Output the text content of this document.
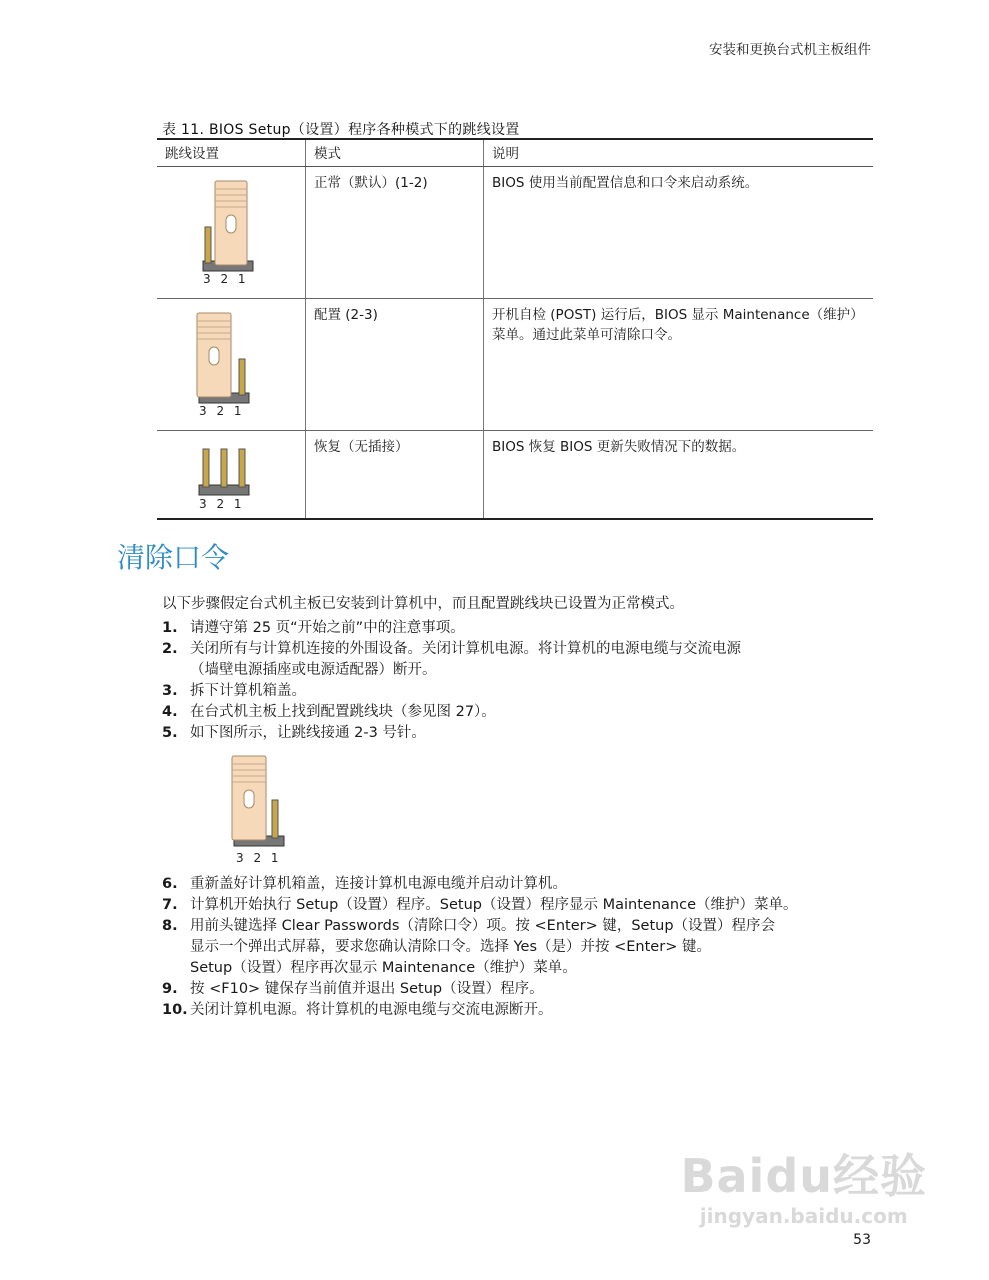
安装和更换台式机主板组件
表 11. BIOS Setup（设置）程序各种模式下的跳线设置
跳线设置	模式	说明

3 2 1	正常（默认）(1-2)	BIOS 使用当前配置信息和口令来启动系统。

3 2 1	配置 (2-3)	开机自检 (POST) 运行后，BIOS 显示 Maintenance（维护）菜单。通过此菜单可清除口令。

3 2 1	恢复（无插接）	BIOS 恢复 BIOS 更新失败情况下的数据。
清除口令
以下步骤假定台式机主板已安装到计算机中，而且配置跳线块已设置为正常模式。
1. 请遵守第 25 页“开始之前”中的注意事项。
2. 关闭所有与计算机连接的外围设备。关闭计算机电源。将计算机的电源电缆与交流电源
（墙壁电源插座或电源适配器）断开。
3. 拆下计算机箱盖。
4. 在台式机主板上找到配置跳线块（参见图 27）。
5. 如下图所示，让跳线接通 2-3 号针。
3 2 1
6. 重新盖好计算机箱盖，连接计算机电源电缆并启动计算机。
7. 计算机开始执行 Setup（设置）程序。Setup（设置）程序显示 Maintenance（维护）菜单。
8. 用前头键选择 Clear Passwords（清除口令）项。按 <Enter> 键，Setup（设置）程序会
显示一个弹出式屏幕，要求您确认清除口令。选择 Yes（是）并按 <Enter> 键。
Setup（设置）程序再次显示 Maintenance（维护）菜单。
9. 按 <F10> 键保存当前值并退出 Setup（设置）程序。
10. 关闭计算机电源。将计算机的电源电缆与交流电源断开。
Baidu经验
jingyan.baidu.com
53
